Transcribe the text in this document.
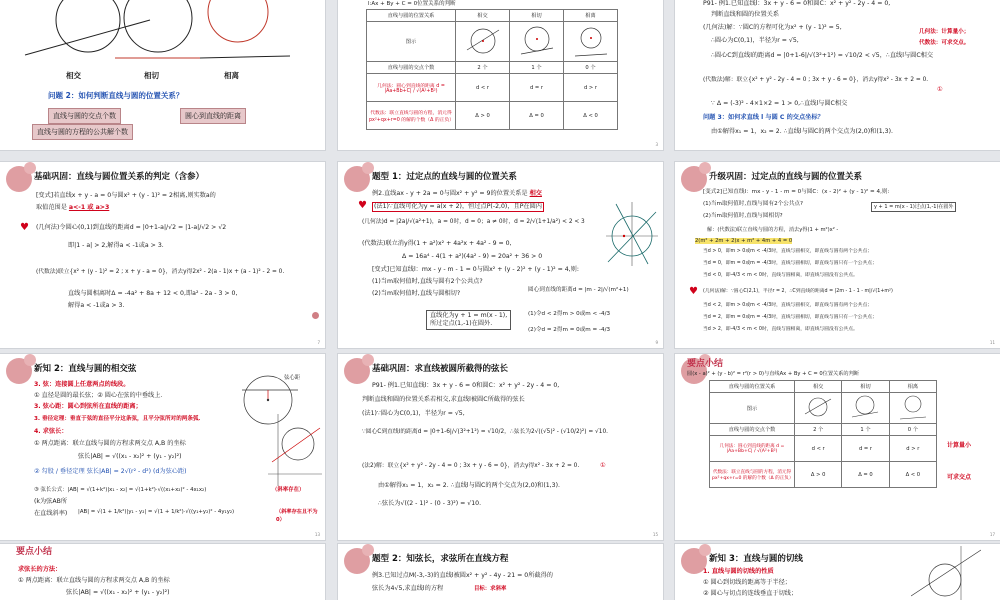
相交	相切	相离
问题 2：如何判断直线与圆的位置关系？
直线与圆的交点个数	圆心到直线的距离
直线与圆的方程的公共解个数
l:Ax + By + C = 0位置关系的判断
直线与圆的位置关系	相交	相切	相离
图示			
直线与圆的交点个数	2 个	1 个	0 个
几何法：圆心到直线的距离 d = |Aa+Bb+C| / √(A²+B²)	d < r	d = r	d > r
代数法：联立直线与圆的方程，消元得 px²+qx+r=0 的解的个数（Δ 的正负）	Δ > 0	Δ = 0	Δ < 0
3
P91- 例1.已知直线l：3x + y - 6 = 0和圆C：x² + y² - 2y - 4 = 0,
判断直线和圆的位置关系
(几何法)解：∵圆C的方程可化为x² + (y - 1)² = 5,
∴圆心为C(0,1)，半径为r = √5,
∴圆心C到直线l的距离d = |0+1-6|/√(3²+1²) = √10/2 < √5，∴直线l与圆C相交
(代数法)解：联立{x² + y² - 2y - 4 = 0 ; 3x + y - 6 = 0}，消去y得x² - 3x + 2 = 0.
∵ Δ = (-3)² - 4×1×2 = 1 > 0,∴直线l与圆C相交
问题 3：如何求直线 l 与圆 C 的交点坐标？
由①解得x₁ = 1，x₂ = 2. ∴直线l与圆C的两个交点为(2,0)和(1,3).
几何法：计算量小；
代数法：可求交点。
①
基础巩固：直线与圆位置关系的判定（含参）
[变式]若直线x + y - a = 0与圆x² + (y - 1)² = 2相离,则实数a的
取值范围是 a<-1 或 a>3
♥ (几何法)令圆心(0,1)到直线的距离d = |0+1-a|/√2 = |1-a|/√2 > √2
即|1 - a| > 2,解得a < -1或a > 3.
(代数法)联立{x² + (y - 1)² = 2 ; x + y - a = 0}，消去y得2x² - 2(a - 1)x + (a - 1)² - 2 = 0.
直线与圆相离时Δ = -4a² + 8a + 12 < 0,即a² - 2a - 3 > 0,
解得a < -1或a > 3.
7
题型 1：过定点的直线与圆的位置关系
例2.直线ax - y + 2a = 0与圆x² + y² = 9的位置关系是 相交
♥	(法1)∵直线可化为y = a(x + 2)，恒过点P(-2,0)，且P在圆内
(几何法)d = |2a|/√(a²+1)，a = 0时，d = 0；a ≠ 0时，d = 2/√(1+1/a²) < 2 < 3
(代数法)联立消y得(1 + a²)x² + 4a²x + 4a² - 9 = 0,
Δ = 16a⁴ - 4(1 + a²)(4a² - 9) = 20a² + 36 > 0
[变式]已知直线l：mx - y - m - 1 = 0与圆x² + (y - 2)² + (y - 1)² = 4,则:
(1)当m取何值时,直线与圆有2个公共点?
(2)当m取何值时,直线与圆相切?
直线化为y + 1 = m(x - 1),
所过定点(1,-1)在圆外.
圆心到直线的距离d = |m - 2|/√(m²+1)
(1)令d < 2得m > 0或m < -4/3
(2)令d = 2得m = 0或m = -4/3
9
升级巩固：过定点的直线与圆的位置关系
[变式2]已知直线l：mx - y - 1 - m = 0与圆C：(x - 2)² + (y - 1)² = 4,则:
(1)当m取何值时,直线与圆有2个公共点?
(2)当m取何值时,直线与圆相切?
y + 1 = m(x - 1)过点(1,-1)在圆外
解：(代数法)联立直线与圆的方程，消去y得(1 + m²)x² -
2(m² + 2m + 2)x + m² + 4m + 4 = 0
当d > 0，即m > 0或m < -4/3时，直线与圆相交，即直线与圆有两个公共点；
当d = 0，即m = 0或m = -4/3时，直线与圆相切，即直线与圆只有一个公共点；
当d < 0，即-4/3 < m < 0时，直线与圆相离，即直线与圆没有公共点。
♥ (几何法)解：∵圆心C(2,1)，半径r = 2，∴C到直线的距离d = |2m - 1 - 1 - m|/√(1+m²)
当d < 2，即m > 0或m < -4/3时，直线与圆相交，即直线与圆有两个公共点；
当d = 2，即m = 0或m = -4/3时，直线与圆相切，即直线与圆只有一个公共点；
当d > 2，即-4/3 < m < 0时，直线与圆相离，即直线与圆没有公共点。
11
新知 2：直线与圆的相交弦
3. 弦：连接圆上任意两点的线段。
① 直径是圆的最长弦；② 圆心在弦的中垂线上．
3. 弦心距：圆心到弦所在直线的距离；
3. 垂径定理：垂直于弦的直径平分这条弦，且平分弦所对的两条弧．
4. 求弦长：
① 两点距离：联立直线与圆的方程求两交点 A,B 的坐标
弦长|AB| = √((x₁ - x₂)² + (y₁ - y₂)²)
② 勾股 / 垂径定理 弦长|AB| = 2√(r² - d²) (d为弦心距)
③ 弦长公式：|AB| = √(1+k²)|x₁ - x₂| = √(1+k²)·√((x₁+x₂)² - 4x₁x₂)
(k为弦AB所
在直线斜率) |AB| = √(1 + 1/k²)|y₁ - y₂| = √(1 + 1/k²)·√((y₁+y₂)² - 4y₁y₂)
（斜率存在）
（斜率存在且不为 0）
弦心距
13
基础巩固：求直线被圆所截得的弦长
P91- 例1.已知直线l：3x + y - 6 = 0和圆C：x² + y² - 2y - 4 = 0,
判断直线和圆的位置关系若相交,求直线l被圆C所截得的弦长
(法1)∵圆心为C(0,1)，半径为r = √5,
∵圆心C到直线l的距离d = |0+1-6|/√(3²+1²) = √10/2，∴弦长为2√((√5)² - (√10/2)²) = √10.
(法2)解：联立{x² + y² - 2y - 4 = 0 ; 3x + y - 6 = 0}，消去y得x² - 3x + 2 = 0.	①
由①解得x₁ = 1，x₂ = 2. ∴直线l与圆C的两个交点为(2,0)和(1,3).
∴弦长为√((2 - 1)² - (0 - 3)²) = √10.
15
要点小结
圆(x - a)² + (y - b)² = r²(r > 0)与直线Ax + By + C = 0位置关系的判断
直线与圆的位置关系	相交	相切	相离
图示			
直线与圆的交点个数	2 个	1 个	0 个
几何法：圆心到直线的距离 d = |Aa+Bb+C| / √(A²+B²)	d < r	d = r	d > r
代数法：联立直线与圆的方程，消元得 px²+qx+r=0 的解的个数（Δ 的正负）	Δ > 0	Δ = 0	Δ < 0
计算量小
可求交点
17
要点小结
求弦长的方法：
① 两点距离：联立直线与圆的方程求两交点 A,B 的坐标
弦长|AB| = √((x₁ - x₂)² + (y₁ - y₂)²)
题型 2：知弦长，求弦所在直线方程
例3.已知过点M(-3,-3)的直线l被圆x² + y² - 4y - 21 = 0所截得的
弦长为4√5,求直线l的方程	目标：求斜率
新知 3：直线与圆的切线
1. 直线与圆的切线的性质
① 圆心到切线的距离等于半径；
② 圆心与切点的连线垂直于切线；
